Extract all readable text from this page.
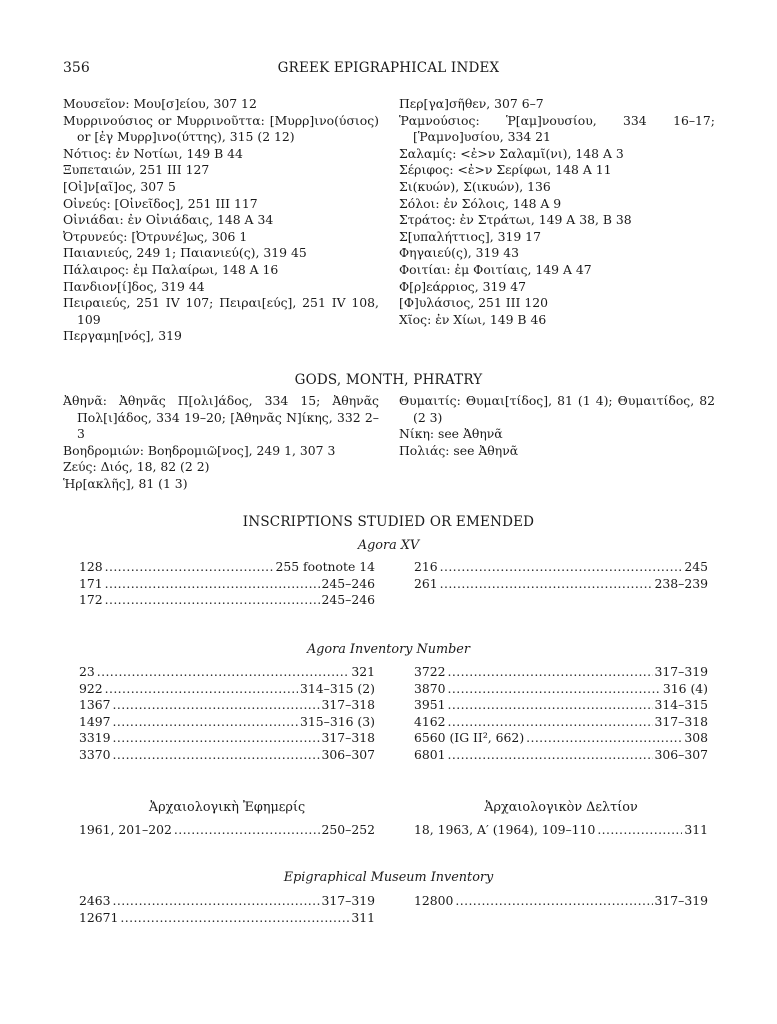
356	GREEK EPIGRAPHICAL INDEX
Μουσεῖον: Μου[σ]είου, 307 12
Μυρρινούσιος or Μυρρινοῦττα: [Μυρρ]ινο(ύσιος) or [ἐγ Μυρρ]ινο(ύττης), 315 (2 12)
Νότιος: ἐν Νοτίωι, 149 B 44
Ξυπεταιών, 251 III 127
[Οἰ]ν[αῖ]ος, 307 5
Οἰνεύς: [Οἰνεῖδος], 251 III 117
Οἰνιάδαι: ἐν Οἰνιάδαις, 148 A 34
Ὀτρυνεύς: [Ὀτρυνέ]ως, 306 1
Παιανιεύς, 249 1; Παιανιεύ(ς), 319 45
Πάλαιρος: ἐμ Παλαίρωι, 148 A 16
Πανδιον[ί]δος, 319 44
Πειραιεύς, 251 IV 107; Πειραι[εύς], 251 IV 108, 109
Περγαμη[νός], 319
Περ[γα]σῆθεν, 307 6–7
Ῥαμνούσιος: Ῥ[αμ]νουσίου, 334 16–17; [Ῥαμνο]υσίου, 334 21
Σαλαμίς: <ἐ>ν Σαλαμῖ(νι), 148 A 3
Σέριφος: <ἐ>ν Σερίφωι, 148 A 11
Σι(κυών), Σ(ικυών), 136
Σόλοι: ἐν Σόλοις, 148 A 9
Στράτος: ἐν Στράτωι, 149 A 38, B 38
Σ[υπαλήττιος], 319 17
Φηγαιεύ(ς), 319 43
Φοιτίαι: ἐμ Φοιτίαις, 149 A 47
Φ[ρ]εάρριος, 319 47
[Φ]υλάσιος, 251 III 120
Χῖος: ἐν Χίωι, 149 B 46
GODS, MONTH, PHRATRY
Ἀθηνᾶ: Ἀθηνᾶς Π[ολι]άδος, 334 15; Ἀθηνᾶς Πολ[ι]άδος, 334 19–20; [Ἀθηνᾶς Ν]ίκης, 332 2–3
Βοηδρομιών: Βοηδρομιῶ[νος], 249 1, 307 3
Ζεύς: Διός, 18, 82 (2 2)
Ἡρ[ακλῆς], 81 (1 3)
Θυμαιτίς: Θυμαι[τίδος], 81 (1 4); Θυμαιτίδος, 82 (2 3)
Νίκη: see Ἀθηνᾶ
Πολιάς: see Ἀθηνᾶ
INSCRIPTIONS STUDIED OR EMENDED
Agora XV
128 .....	255 footnote 14
171 .....	245–246
172 .....	245–246
216 .....	245
261 .....	238–239
Agora Inventory Number
23 .....	321
922 .....	314–315 (2)
1367 .....	317–318
1497 .....	315–316 (3)
3319 .....	317–318
3370 .....	306–307
3722 .....	317–319
3870 .....	316 (4)
3951 .....	314–315
4162 .....	317–318
6560 (IG II², 662) .....	308
6801 .....	306–307
Ἀρχαιολογικὴ Ἐφημερίς
1961, 201–202 .....	250–252
Ἀρχαιολογικὸν Δελτίον
18, 1963, Α′ (1964), 109–110 .....	311
Epigraphical Museum Inventory
2463 .....	317–319
12671 .....	311
12800 .....	317–319
